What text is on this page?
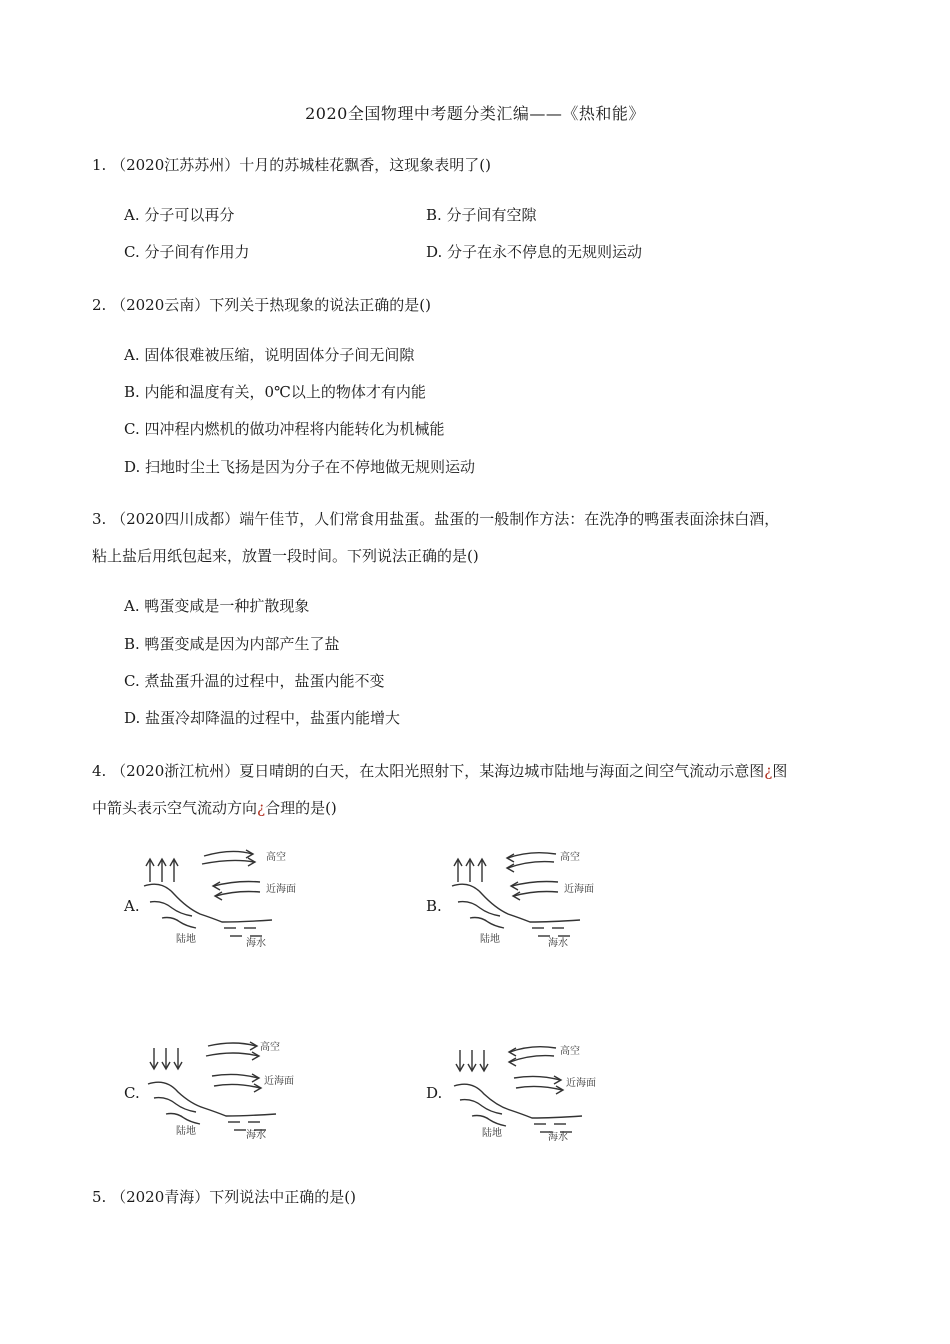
2020全国物理中考题分类汇编——《热和能》
1. （2020江苏苏州）十月的苏城桂花飘香，这现象表明了()
A. 分子可以再分	B. 分子间有空隙
C. 分子间有作用力	D. 分子在永不停息的无规则运动
2. （2020云南）下列关于热现象的说法正确的是()
A. 固体很难被压缩，说明固体分子间无间隙
B. 内能和温度有关，0℃以上的物体才有内能
C. 四冲程内燃机的做功冲程将内能转化为机械能
D. 扫地时尘土飞扬是因为分子在不停地做无规则运动
3. （2020四川成都）端午佳节，人们常食用盐蛋。盐蛋的一般制作方法：在洗净的鸭蛋表面涂抹白酒，
粘上盐后用纸包起来，放置一段时间。下列说法正确的是()
A. 鸭蛋变咸是一种扩散现象
B. 鸭蛋变咸是因为内部产生了盐
C. 煮盐蛋升温的过程中，盐蛋内能不变
D. 盐蛋冷却降温的过程中，盐蛋内能增大
4. （2020浙江杭州）夏日晴朗的白天，在太阳光照射下，某海边城市陆地与海面之间空气流动示意图¿图
中箭头表示空气流动方向¿合理的是()
A.
高空
近海面
陆地	海水
B.
高空
近海面
陆地	海水
C.
高空
近海面
陆地	海水
D.
高空
近海面
陆地	海水
5. （2020青海）下列说法中正确的是()
